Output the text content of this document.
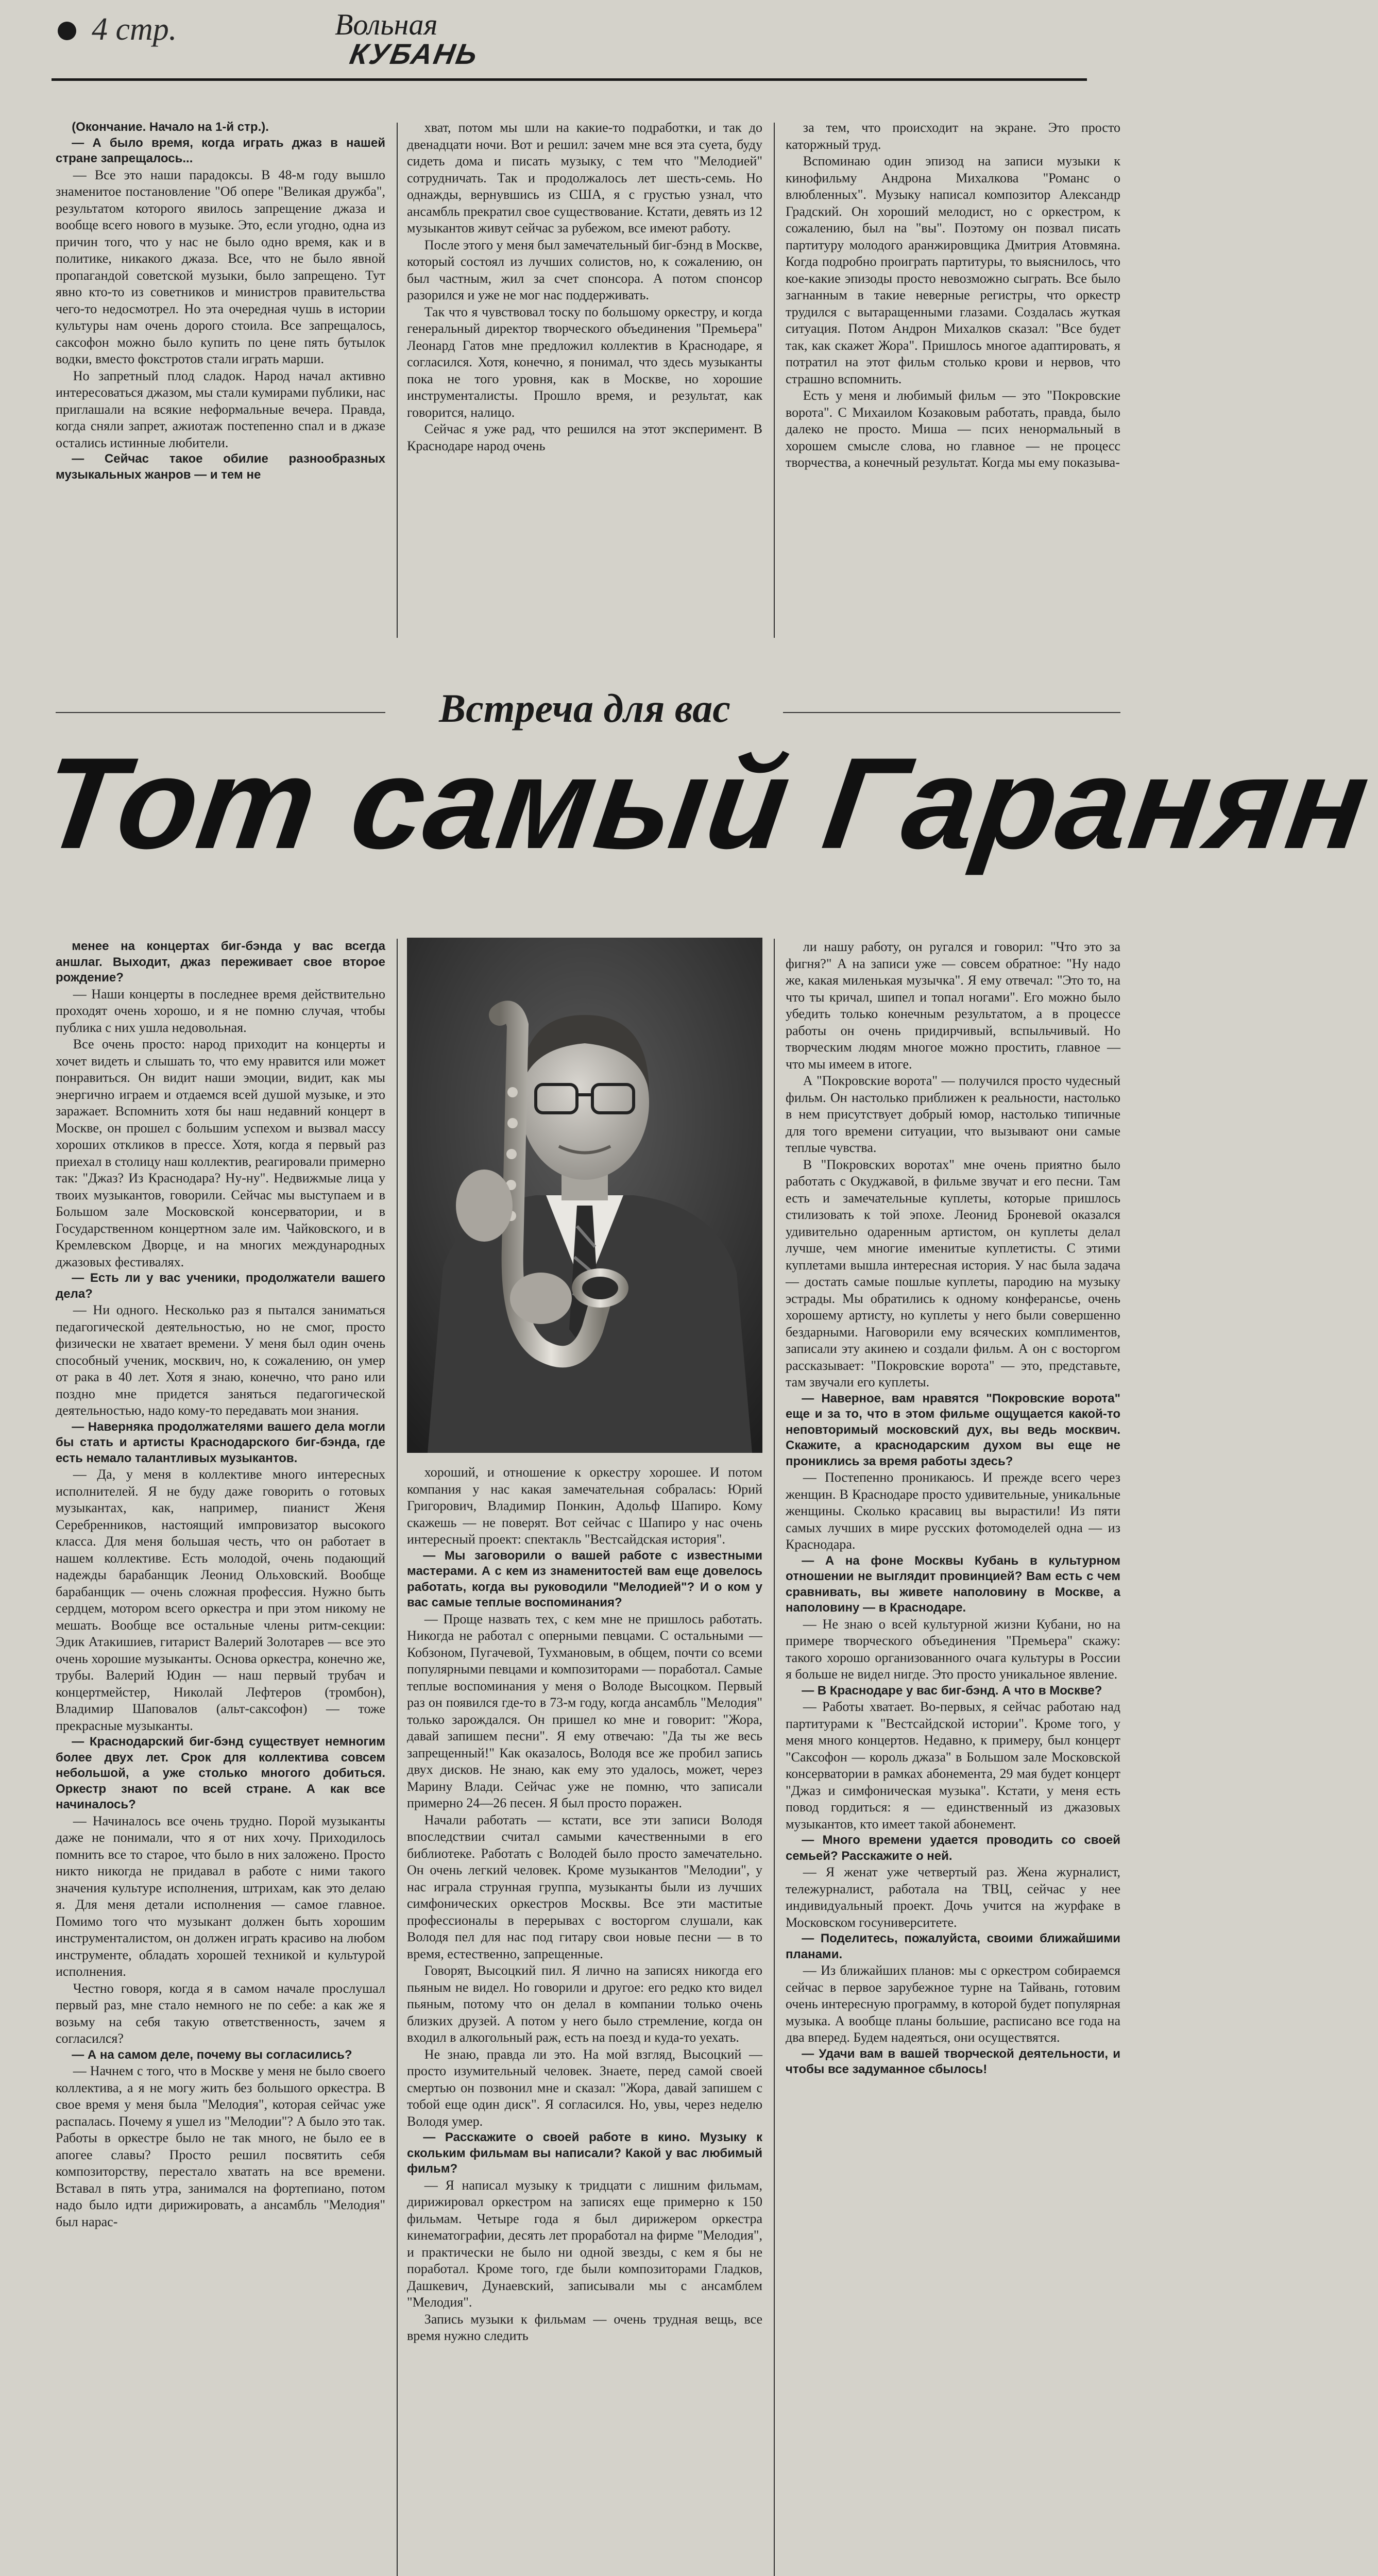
4 стр.	Вольная
КУБАНЬ

(Окончание. Начало на 1-й стр.).

— А было время, когда играть джаз в нашей стране запрещалось...

— Все это наши парадоксы. В 48-м году вышло знаменитое постановление "Об опере "Великая дружба", результатом которого явилось запрещение джаза и вообще всего нового в музыке. Это, если угодно, одна из причин того, что у нас не было одно время, как и в политике, никакого джаза. Все, что не было явной пропагандой советской музыки, было запрещено. Тут явно кто-то из советников и министров правительства чего-то недосмотрел. Но эта очередная чушь в истории культуры нам очень дорого стоила. Все запрещалось, саксофон можно было купить по цене пять бутылок водки, вместо фокстротов стали играть марши.

Но запретный плод сладок. Народ начал активно интересоваться джазом, мы стали кумирами публики, нас приглашали на всякие неформальные вечера. Правда, когда сняли запрет, ажиотаж постепенно спал и в джазе остались истинные любители.

— Сейчас такое обилие разнообразных музыкальных жанров — и тем не

хват, потом мы шли на какие-то подработки, и так до двенадцати ночи. Вот и решил: зачем мне вся эта суета, буду сидеть дома и писать музыку, с тем что "Мелодией" сотрудничать. Так и продолжалось лет шесть-семь. Но однажды, вернувшись из США, я с грустью узнал, что ансамбль прекратил свое существование. Кстати, девять из 12 музыкантов живут сейчас за рубежом, все имеют работу.

После этого у меня был замечательный биг-бэнд в Москве, который состоял из лучших солистов, но, к сожалению, он был частным, жил за счет спонсора. А потом спонсор разорился и уже не мог нас поддерживать.

Так что я чувствовал тоску по большому оркестру, и когда генеральный директор творческого объединения "Премьера" Леонард Гатов мне предложил коллектив в Краснодаре, я согласился. Хотя, конечно, я понимал, что здесь музыканты пока не того уровня, как в Москве, но хорошие инструменталисты. Прошло время, и результат, как говорится, налицо.

Сейчас я уже рад, что решился на этот эксперимент. В Краснодаре народ очень

за тем, что происходит на экране. Это просто каторжный труд.

Вспоминаю один эпизод на записи музыки к кинофильму Андрона Михалкова "Романс о влюбленных". Музыку написал композитор Александр Градский. Он хороший мелодист, но с оркестром, к сожалению, был на "вы". Поэтому он позвал писать партитуру молодого аранжировщика Дмитрия Атовмяна. Когда подробно проиграть партитуры, то выяснилось, что кое-какие эпизоды просто невозможно сыграть. Все было загнанным в такие неверные регистры, что оркестр трудился с вытаращенными глазами. Создалась жуткая ситуация. Потом Андрон Михалков сказал: "Все будет так, как скажет Жора". Пришлось многое адаптировать, я потратил на этот фильм столько крови и нервов, что страшно вспомнить.

Есть у меня и любимый фильм — это "Покровские ворота". С Михаилом Козаковым работать, правда, было далеко не просто. Миша — псих ненормальный в хорошем смысле слова, но главное — не процесс творчества, а конечный результат. Когда мы ему показыва-

Встреча для вас
Тот самый Гаранян

менее на концертах биг-бэнда у вас всегда аншлаг. Выходит, джаз переживает свое второе рождение?

— Наши концерты в последнее время действительно проходят очень хорошо, и я не помню случая, чтобы публика с них ушла недовольная.

Все очень просто: народ приходит на концерты и хочет видеть и слышать то, что ему нравится или может понравиться. Он видит наши эмоции, видит, как мы энергично играем и отдаемся всей душой музыке, и это заражает. Вспомнить хотя бы наш недавний концерт в Москве, он прошел с большим успехом и вызвал массу хороших откликов в прессе. Хотя, когда я первый раз приехал в столицу наш коллектив, реагировали примерно так: "Джаз? Из Краснодара? Ну-ну". Недвижмые лица у твоих музыкантов, говорили. Сейчас мы выступаем и в Большом зале Московской консерватории, и в Государственном концертном зале им. Чайковского, и в Кремлевском Дворце, и на многих международных джазовых фестивалях.

— Есть ли у вас ученики, продолжатели вашего дела?

— Ни одного. Несколько раз я пытался заниматься педагогической деятельностью, но не смог, просто физически не хватает времени. У меня был один очень способный ученик, москвич, но, к сожалению, он умер от рака в 40 лет. Хотя я знаю, конечно, что рано или поздно мне придется заняться педагогической деятельностью, надо кому-то передавать мои знания.

— Наверняка продолжателями вашего дела могли бы стать и артисты Краснодарского биг-бэнда, где есть немало талантливых музыкантов.

— Да, у меня в коллективе много интересных исполнителей. Я не буду даже говорить о готовых музыкантах, как, например, пианист Женя Серебренников, настоящий импровизатор высокого класса. Для меня большая честь, что он работает в нашем коллективе. Есть молодой, очень подающий надежды барабанщик Леонид Ольховский. Вообще барабанщик — очень сложная профессия. Нужно быть сердцем, мотором всего оркестра и при этом никому не мешать. Вообще все остальные члены ритм-секции: Эдик Атакишиев, гитарист Валерий Золотарев — все это очень хорошие музыканты. Основа оркестра, конечно же, трубы. Валерий Юдин — наш первый трубач и концертмейстер, Николай Лефтеров (тромбон), Владимир Шаповалов (альт-саксофон) — тоже прекрасные музыканты.

— Краснодарский биг-бэнд существует немногим более двух лет. Срок для коллектива совсем небольшой, а уже столько многого добиться. Оркестр знают по всей стране. А как все начиналось?

— Начиналось все очень трудно. Порой музыканты даже не понимали, что я от них хочу. Приходилось помнить все то старое, что было в них заложено. Просто никто никогда не придавал в работе с ними такого значения культуре исполнения, штрихам, как это делаю я. Для меня детали исполнения — самое главное. Помимо того что музыкант должен быть хорошим инструменталистом, он должен играть красиво на любом инструменте, обладать хорошей техникой и культурой исполнения.

Честно говоря, когда я в самом начале прослушал первый раз, мне стало немного не по себе: а как же я возьму на себя такую ответственность, зачем я согласился?

— А на самом деле, почему вы согласились?

— Начнем с того, что в Москве у меня не было своего коллектива, а я не могу жить без большого оркестра. В свое время у меня была "Мелодия", которая сейчас уже распалась. Почему я ушел из "Мелодии"? А было это так. Работы в оркестре было не так много, не было ее в апогее славы? Просто решил посвятить себя композиторству, перестало хватать на все времени. Вставал в пять утра, занимался на фортепиано, потом надо было идти дирижировать, а ансамбль "Мелодия" был нарас-

хороший, и отношение к оркестру хорошее. И потом компания у нас какая замечательная собралась: Юрий Григорович, Владимир Понкин, Адольф Шапиро. Кому скажешь — не поверят. Вот сейчас с Шапиро у нас очень интересный проект: спектакль "Вестсайдская история".

— Мы заговорили о вашей работе с известными мастерами. А с кем из знаменитостей вам еще довелось работать, когда вы руководили "Мелодией"? И о ком у вас самые теплые воспоминания?

— Проще назвать тех, с кем мне не пришлось работать. Никогда не работал с оперными певцами. С остальными — Кобзоном, Пугачевой, Тухмановым, в общем, почти со всеми популярными певцами и композиторами — поработал. Самые теплые воспоминания у меня о Володе Высоцком. Первый раз он появился где-то в 73-м году, когда ансамбль "Мелодия" только зарождался. Он пришел ко мне и говорит: "Жора, давай запишем песни". Я ему отвечаю: "Да ты же весь запрещенный!" Как оказалось, Володя все же пробил запись двух дисков. Не знаю, как ему это удалось, может, через Марину Влади. Сейчас уже не помню, что записали примерно 24—26 песен. Я был просто поражен.

Начали работать — кстати, все эти записи Володя впоследствии считал самыми качественными в его библиотеке. Работать с Володей было просто замечательно. Он очень легкий человек. Кроме музыкантов "Мелодии", у нас играла струнная группа, музыканты были из лучших симфонических оркестров Москвы. Все эти маститые профессионалы в перерывах с восторгом слушали, как Володя пел для нас под гитару свои новые песни — в то время, естественно, запрещенные.

Говорят, Высоцкий пил. Я лично на записях никогда его пьяным не видел. Но говорили и другое: его редко кто видел пьяным, потому что он делал в компании только очень близких друзей. А потом у него было стремление, когда он входил в алкогольный раж, есть на поезд и куда-то уехать.

Не знаю, правда ли это. На мой взгляд, Высоцкий — просто изумительный человек. Знаете, перед самой своей смертью он позвонил мне и сказал: "Жора, давай запишем с тобой еще один диск". Я согласился. Но, увы, через неделю Володя умер.

— Расскажите о своей работе в кино. Музыку к скольким фильмам вы написали? Какой у вас любимый фильм?

— Я написал музыку к тридцати с лишним фильмам, дирижировал оркестром на записях еще примерно к 150 фильмам. Четыре года я был дирижером оркестра кинематографии, десять лет проработал на фирме "Мелодия", и практически не было ни одной звезды, с кем я бы не поработал. Кроме того, где были композиторами Гладков, Дашкевич, Дунаевский, записывали мы с ансамблем "Мелодия".

Запись музыки к фильмам — очень трудная вещь, все время нужно следить

ли нашу работу, он ругался и говорил: "Что это за фигня?" А на записи уже — совсем обратное: "Ну надо же, какая миленькая музычка". Я ему отвечал: "Это то, на что ты кричал, шипел и топал ногами". Его можно было убедить только конечным результатом, а в процессе работы он очень придирчивый, вспыльчивый. Но творческим людям многое можно простить, главное — что мы имеем в итоге.

А "Покровские ворота" — получился просто чудесный фильм. Он настолько приближен к реальности, настолько в нем присутствует добрый юмор, настолько типичные для того времени ситуации, что вызывают они самые теплые чувства.

В "Покровских воротах" мне очень приятно было работать с Окуджавой, в фильме звучат и его песни. Там есть и замечательные куплеты, которые пришлось стилизовать к той эпохе. Леонид Броневой оказался удивительно одаренным артистом, он куплеты делал лучше, чем многие именитые куплетисты. С этими куплетами вышла интересная история. У нас была задача — достать самые пошлые куплеты, пародию на музыку эстрады. Мы обратились к одному конферансье, очень хорошему артисту, но куплеты у него были совершенно бездарными. Наговорили ему всяческих комплиментов, записали эту акинею и создали фильм. А он с восторгом рассказывает: "Покровские ворота" — это, представьте, там звучали его куплеты.

— Наверное, вам нравятся "Покровские ворота" еще и за то, что в этом фильме ощущается какой-то неповторимый московский дух, вы ведь москвич. Скажите, а краснодарским духом вы еще не прониклись за время работы здесь?

— Постепенно проникаюсь. И прежде всего через женщин. В Краснодаре просто удивительные, уникальные женщины. Сколько красавиц вы вырастили! Из пяти самых лучших в мире русских фотомоделей одна — из Краснодара.

— А на фоне Москвы Кубань в культурном отношении не выглядит провинцией? Вам есть с чем сравнивать, вы живете наполовину в Москве, а наполовину — в Краснодаре.

— Не знаю о всей культурной жизни Кубани, но на примере творческого объединения "Премьера" скажу: такого хорошо организованного очага культуры в России я больше не видел нигде. Это просто уникальное явление.

— В Краснодаре у вас биг-бэнд. А что в Москве?

— Работы хватает. Во-первых, я сейчас работаю над партитурами к "Вестсайдской истории". Кроме того, у меня много концертов. Недавно, к примеру, был концерт "Саксофон — король джаза" в Большом зале Московской консерватории в рамках абонемента, 29 мая будет концерт "Джаз и симфоническая музыка". Кстати, у меня есть повод гордиться: я — единственный из джазовых музыкантов, кто имеет такой абонемент.

— Много времени удается проводить со своей семьей? Расскажите о ней.

— Я женат уже четвертый раз. Жена журналист, тележурналист, работала на ТВЦ, сейчас у нее индивидуальный проект. Дочь учится на журфаке в Московском госуниверситете.

— Поделитесь, пожалуйста, своими ближайшими планами.

— Из ближайших планов: мы с оркестром собираемся сейчас в первое зарубежное турне на Тайвань, готовим очень интересную программу, в которой будет популярная музыка. А вообще планы большие, расписано все года на два вперед. Будем надеяться, они осуществятся.

— Удачи вам в вашей творческой деятельности, и чтобы все задуманное сбылось!
